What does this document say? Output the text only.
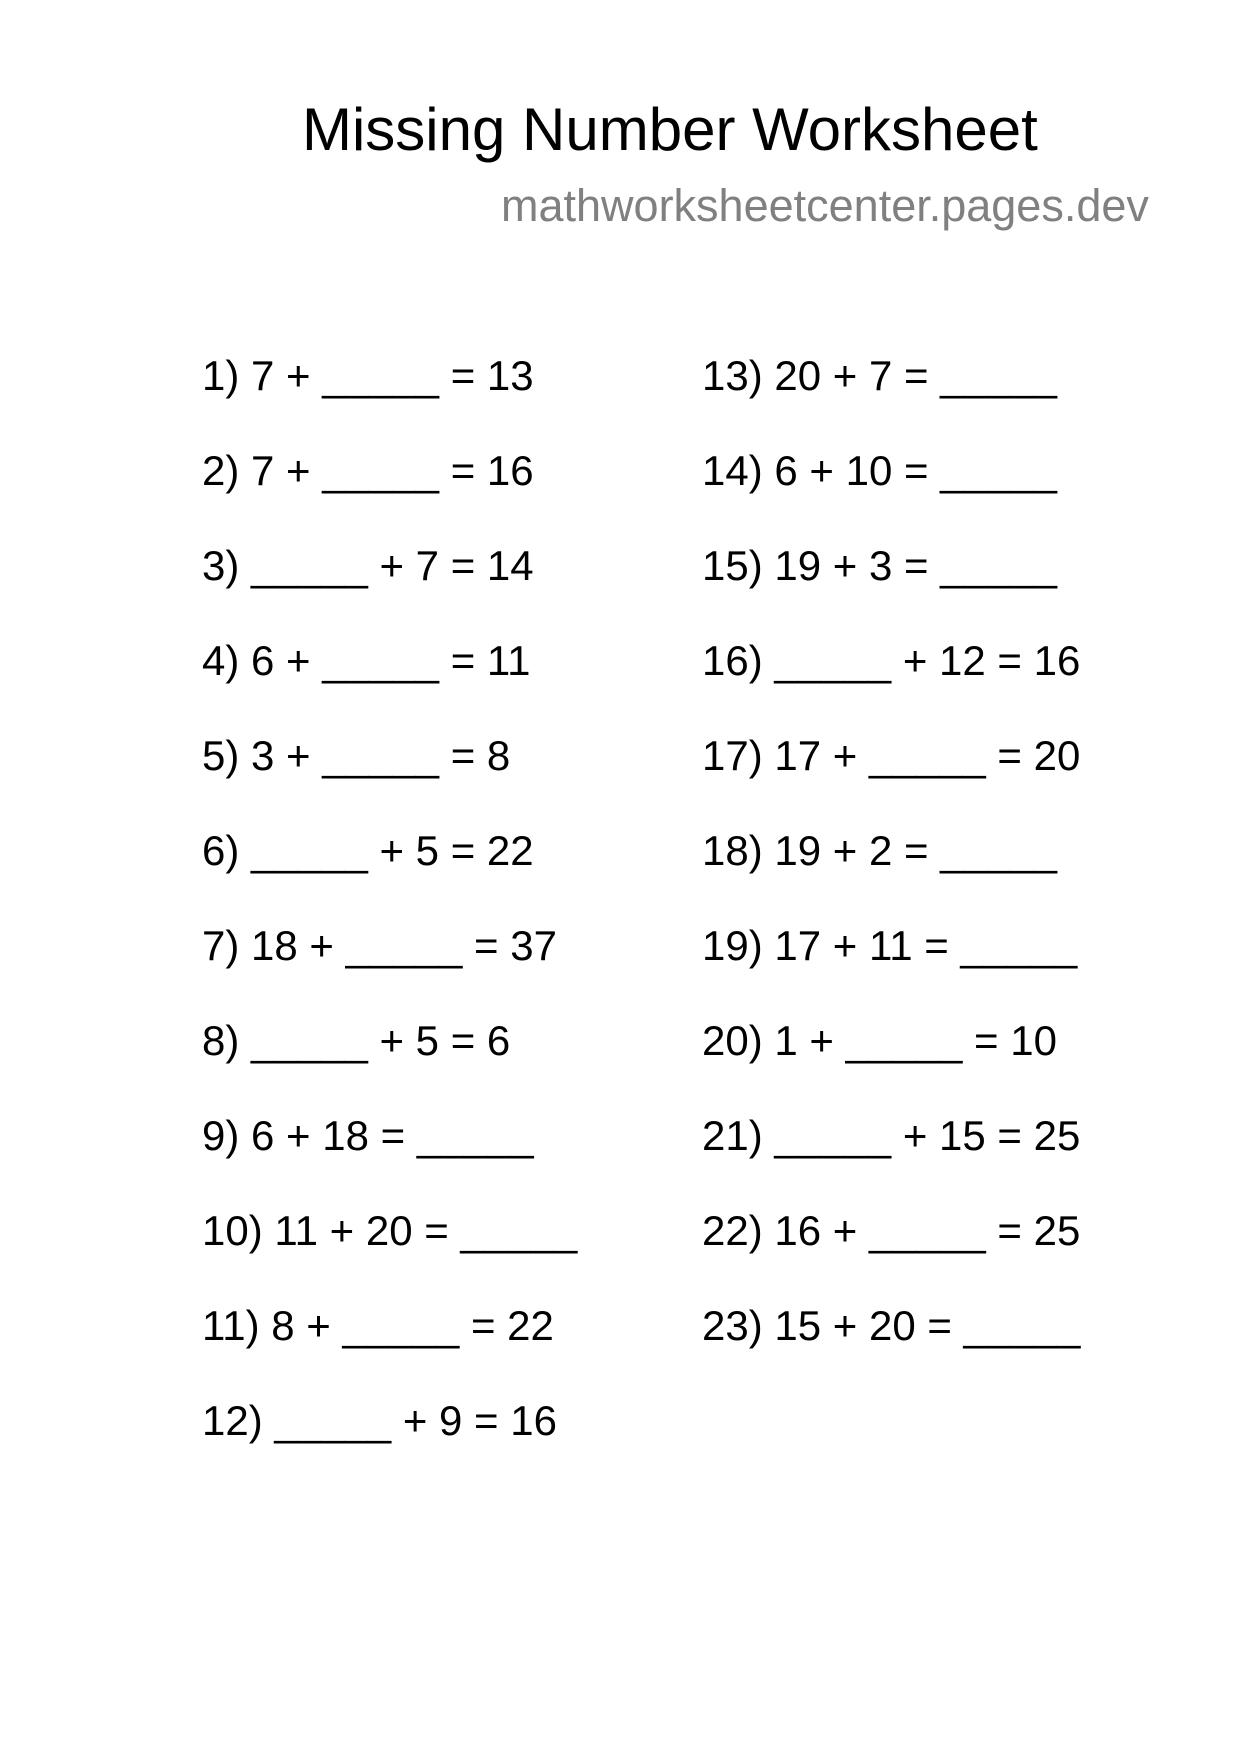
Missing Number Worksheet
mathworksheetcenter.pages.dev
1) 7 + _____ = 13
2) 7 + _____ = 16
3) _____ + 7 = 14
4) 6 + _____ = 11
5) 3 + _____ = 8
6) _____ + 5 = 22
7) 18 + _____ = 37
8) _____ + 5 = 6
9) 6 + 18 = _____
10) 11 + 20 = _____
11) 8 + _____ = 22
12) _____ + 9 = 16
13) 20 + 7 = _____
14) 6 + 10 = _____
15) 19 + 3 = _____
16) _____ + 12 = 16
17) 17 + _____ = 20
18) 19 + 2 = _____
19) 17 + 11 = _____
20) 1 + _____ = 10
21) _____ + 15 = 25
22) 16 + _____ = 25
23) 15 + 20 = _____
